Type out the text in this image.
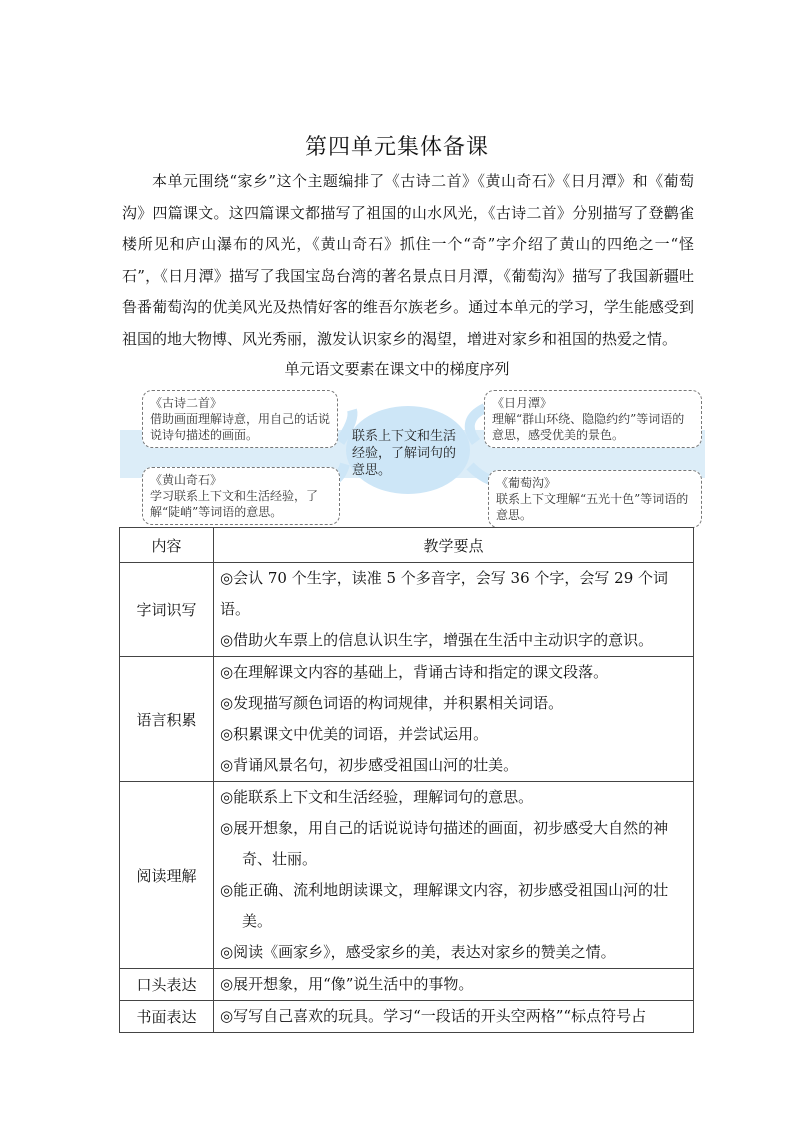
第四单元集体备课

本单元围绕“家乡”这个主题编排了《古诗二首》《黄山奇石》《日月潭》和《葡萄沟》四篇课文。这四篇课文都描写了祖国的山水风光，《古诗二首》分别描写了登鹳雀楼所见和庐山瀑布的风光，《黄山奇石》抓住一个“奇”字介绍了黄山的四绝之一“怪石”，《日月潭》描写了我国宝岛台湾的著名景点日月潭，《葡萄沟》描写了我国新疆吐鲁番葡萄沟的优美风光及热情好客的维吾尔族老乡。通过本单元的学习，学生能感受到祖国的地大物博、风光秀丽，激发认识家乡的渴望，增进对家乡和祖国的热爱之情。

单元语文要素在课文中的梯度序列
《古诗二首》
借助画面理解诗意，用自己的话说说诗句描述的画面。
《黄山奇石》
学习联系上下文和生活经验，了解“陡峭”等词语的意思。
《日月潭》
理解“群山环绕、隐隐约约”等词语的意思，感受优美的景色。
《葡萄沟》
联系上下文理解“五光十色”等词语的意思。
联系上下文和生活经验，了解词句的意思。
内容	教学要点
字词识写	◎会认 70 个生字，读准 5 个多音字，会写 36 个字，会写 29 个词语。
◎借助火车票上的信息认识生字，增强在生活中主动识字的意识。

语言积累	◎在理解课文内容的基础上，背诵古诗和指定的课文段落。
◎发现描写颜色词语的构词规律，并积累相关词语。
◎积累课文中优美的词语，并尝试运用。
◎背诵风景名句，初步感受祖国山河的壮美。

阅读理解	◎能联系上下文和生活经验，理解词句的意思。
◎展开想象，用自己的话说说诗句描述的画面，初步感受大自然的神奇、壮丽。
◎能正确、流利地朗读课文，理解课文内容，初步感受祖国山河的壮美。
◎阅读《画家乡》，感受家乡的美，表达对家乡的赞美之情。

口头表达	◎展开想象，用“像”说生活中的事物。

书面表达	◎写写自己喜欢的玩具。学习“一段话的开头空两格”“标点符号占
